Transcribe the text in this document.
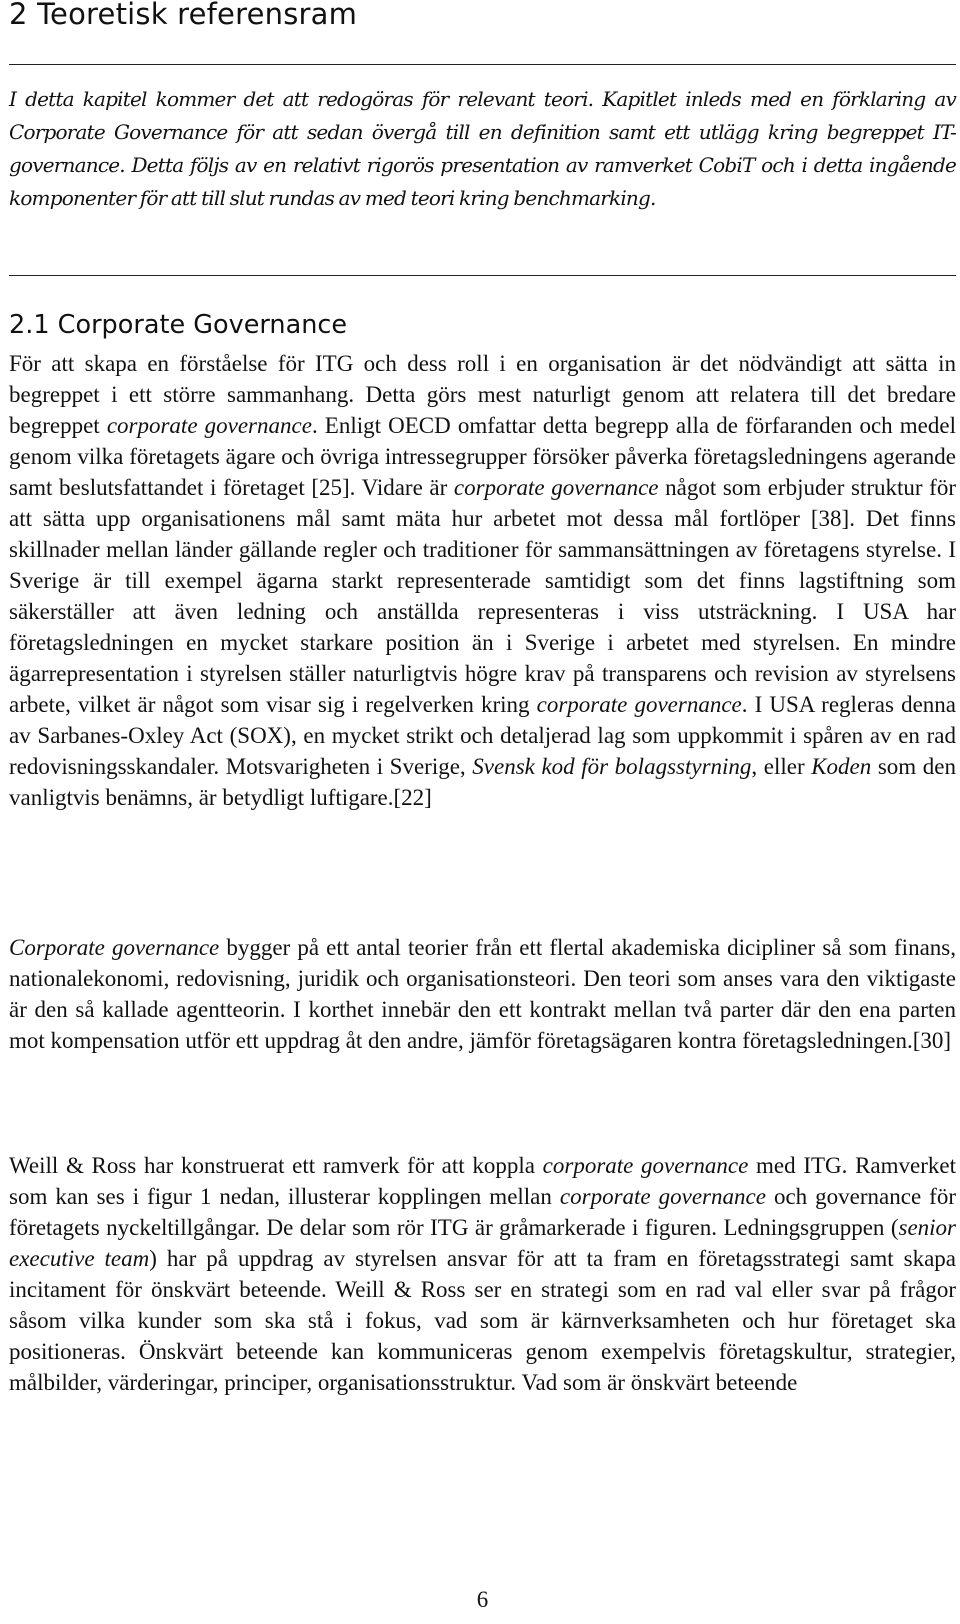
2 Teoretisk referensram

I detta kapitel kommer det att redogöras för relevant teori. Kapitlet inleds med en förklaring av Corporate Governance för att sedan övergå till en definition samt ett utlägg kring begreppet IT-governance. Detta följs av en relativt rigorös presentation av ramverket CobiT och i detta ingående komponenter för att till slut rundas av med teori kring benchmarking.

2.1 Corporate Governance

För att skapa en förståelse för ITG och dess roll i en organisation är det nödvändigt att sätta in begreppet i ett större sammanhang. Detta görs mest naturligt genom att relatera till det bredare begreppet corporate governance. Enligt OECD omfattar detta begrepp alla de förfaranden och medel genom vilka företagets ägare och övriga intressegrupper försöker påverka företagsledningens agerande samt beslutsfattandet i företaget [25]. Vidare är corporate governance något som erbjuder struktur för att sätta upp organisationens mål samt mäta hur arbetet mot dessa mål fortlöper [38]. Det finns skillnader mellan länder gällande regler och traditioner för sammansättningen av företagens styrelse. I Sverige är till exempel ägarna starkt representerade samtidigt som det finns lagstiftning som säkerställer att även ledning och anställda representeras i viss utsträckning. I USA har företagsledningen en mycket starkare position än i Sverige i arbetet med styrelsen. En mindre ägarrepresentation i styrelsen ställer naturligtvis högre krav på transparens och revision av styrelsens arbete, vilket är något som visar sig i regelverken kring corporate governance. I USA regleras denna av Sarbanes-Oxley Act (SOX), en mycket strikt och detaljerad lag som uppkommit i spåren av en rad redovisningsskandaler. Motsvarigheten i Sverige, Svensk kod för bolagsstyrning, eller Koden som den vanligtvis benämns, är betydligt luftigare.[22]

Corporate governance bygger på ett antal teorier från ett flertal akademiska dicipliner så som finans, nationalekonomi, redovisning, juridik och organisationsteori. Den teori som anses vara den viktigaste är den så kallade agentteorin. I korthet innebär den ett kontrakt mellan två parter där den ena parten mot kompensation utför ett uppdrag åt den andre, jämför företagsägaren kontra företagsledningen.[30]

Weill & Ross har konstruerat ett ramverk för att koppla corporate governance med ITG. Ramverket som kan ses i figur 1 nedan, illusterar kopplingen mellan corporate governance och governance för företagets nyckeltillgångar. De delar som rör ITG är gråmarkerade i figuren. Ledningsgruppen (senior executive team) har på uppdrag av styrelsen ansvar för att ta fram en företagsstrategi samt skapa incitament för önskvärt beteende. Weill & Ross ser en strategi som en rad val eller svar på frågor såsom vilka kunder som ska stå i fokus, vad som är kärnverksamheten och hur företaget ska positioneras. Önskvärt beteende kan kommuniceras genom exempelvis företagskultur, strategier, målbilder, värderingar, principer, organisationsstruktur. Vad som är önskvärt beteende

6
